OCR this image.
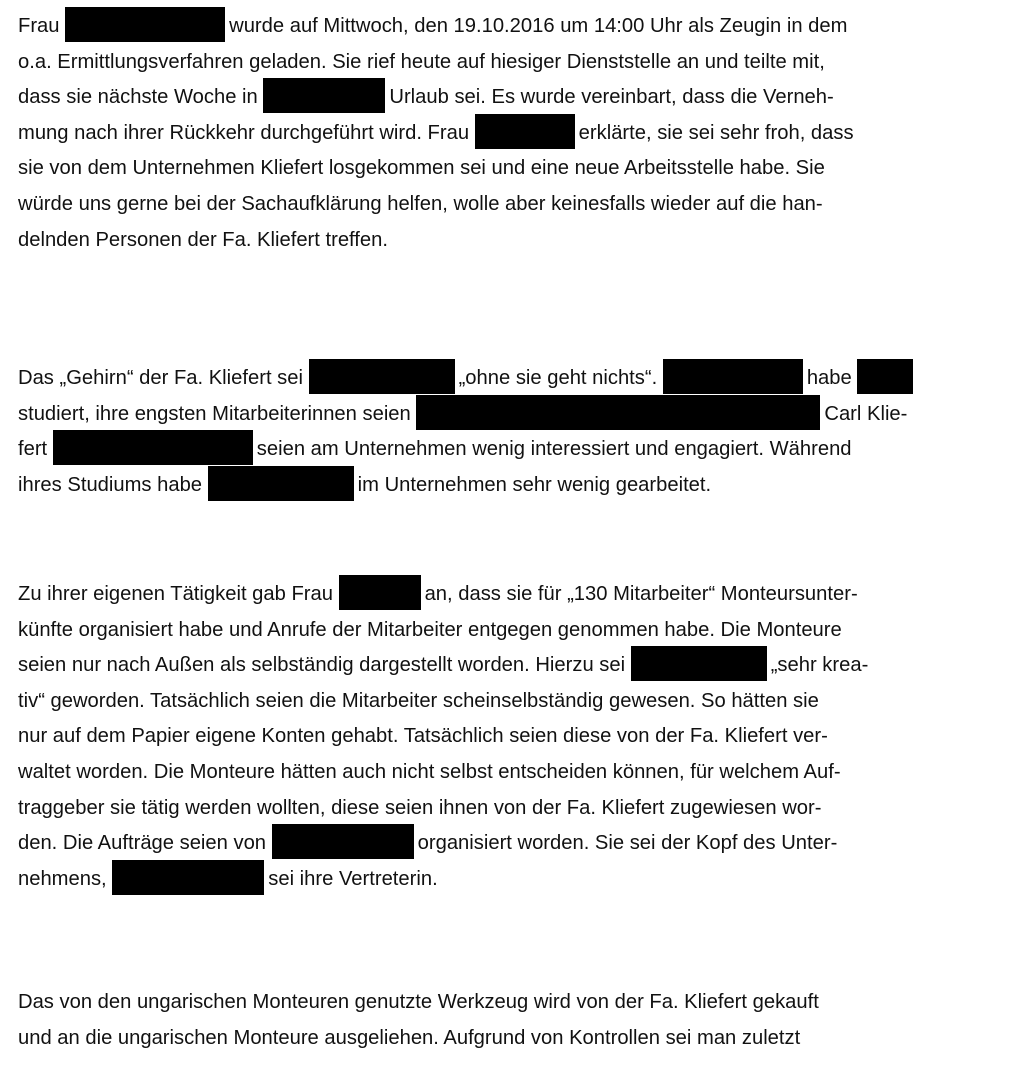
Frau	wurde auf Mittwoch, den 19.10.2016 um 14:00 Uhr als Zeugin in dem
o.a. Ermittlungsverfahren geladen. Sie rief heute auf hiesiger Dienststelle an und teilte mit,
dass sie nächste Woche in	Urlaub sei. Es wurde vereinbart, dass die Verneh-
mung nach ihrer Rückkehr durchgeführt wird. Frau	erklärte, sie sei sehr froh, dass
sie von dem Unternehmen Kliefert losgekommen sei und eine neue Arbeitsstelle habe. Sie
würde uns gerne bei der Sachaufklärung helfen, wolle aber keinesfalls wieder auf die han-
delnden Personen der Fa. Kliefert treffen.
Das „Gehirn“ der Fa. Kliefert sei	„ohne sie geht nichts“.	habe
studiert, ihre engsten Mitarbeiterinnen seien	Carl Klie-
fert	seien am Unternehmen wenig interessiert und engagiert. Während
ihres Studiums habe	im Unternehmen sehr wenig gearbeitet.
Zu ihrer eigenen Tätigkeit gab Frau	an, dass sie für „130 Mitarbeiter“ Monteursunter-
künfte organisiert habe und Anrufe der Mitarbeiter entgegen genommen habe. Die Monteure
seien nur nach Außen als selbständig dargestellt worden. Hierzu sei	„sehr krea-
tiv“ geworden. Tatsächlich seien die Mitarbeiter scheinselbständig gewesen. So hätten sie
nur auf dem Papier eigene Konten gehabt. Tatsächlich seien diese von der Fa. Kliefert ver-
waltet worden. Die Monteure hätten auch nicht selbst entscheiden können, für welchem Auf-
traggeber sie tätig werden wollten, diese seien ihnen von der Fa. Kliefert zugewiesen wor-
den. Die Aufträge seien von	organisiert worden. Sie sei der Kopf des Unter-
nehmens,	sei ihre Vertreterin.
Das von den ungarischen Monteuren genutzte Werkzeug wird von der Fa. Kliefert gekauft
und an die ungarischen Monteure ausgeliehen. Aufgrund von Kontrollen sei man zuletzt
